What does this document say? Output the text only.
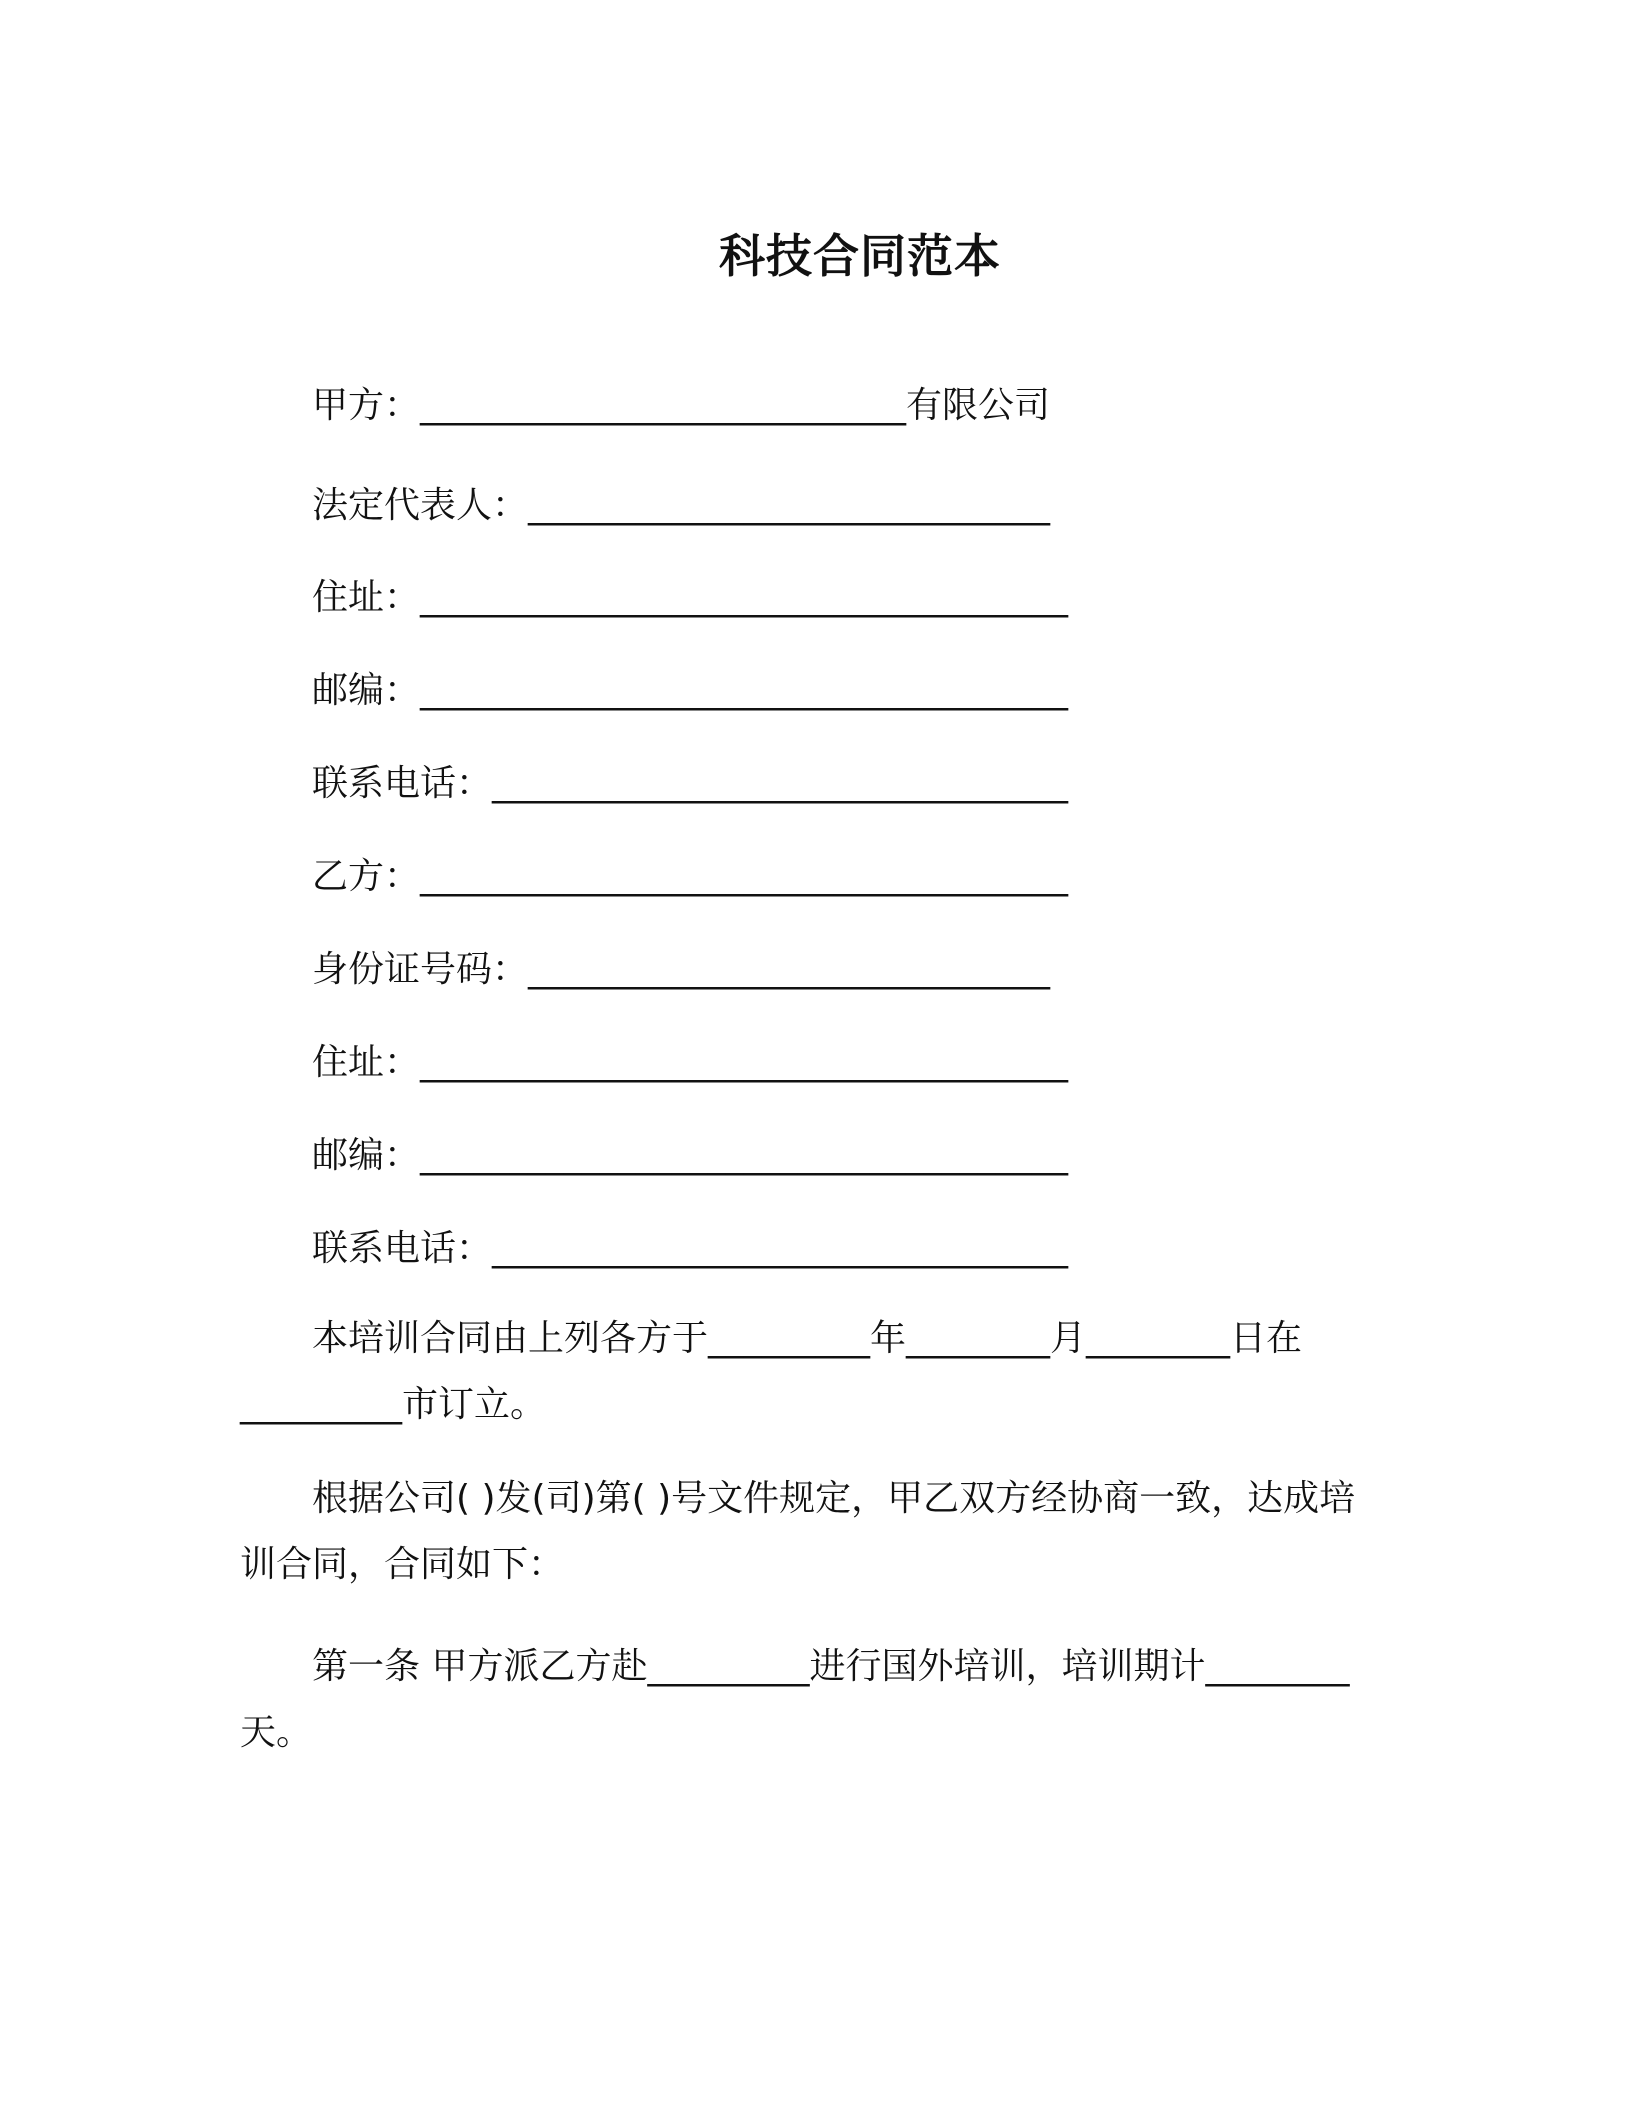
科技合同范本
甲方：___________________________有限公司
法定代表人：_____________________________
住址：____________________________________
邮编：____________________________________
联系电话：________________________________
乙方：____________________________________
身份证号码：_____________________________
住址：____________________________________
邮编：____________________________________
联系电话：________________________________
本培训合同由上列各方于_________年________月________日在
_________市订立。
根据公司( )发(司)第( )号文件规定，甲乙双方经协商一致，达成培
训合同，合同如下：
第一条 甲方派乙方赴_________进行国外培训，培训期计________
天。
